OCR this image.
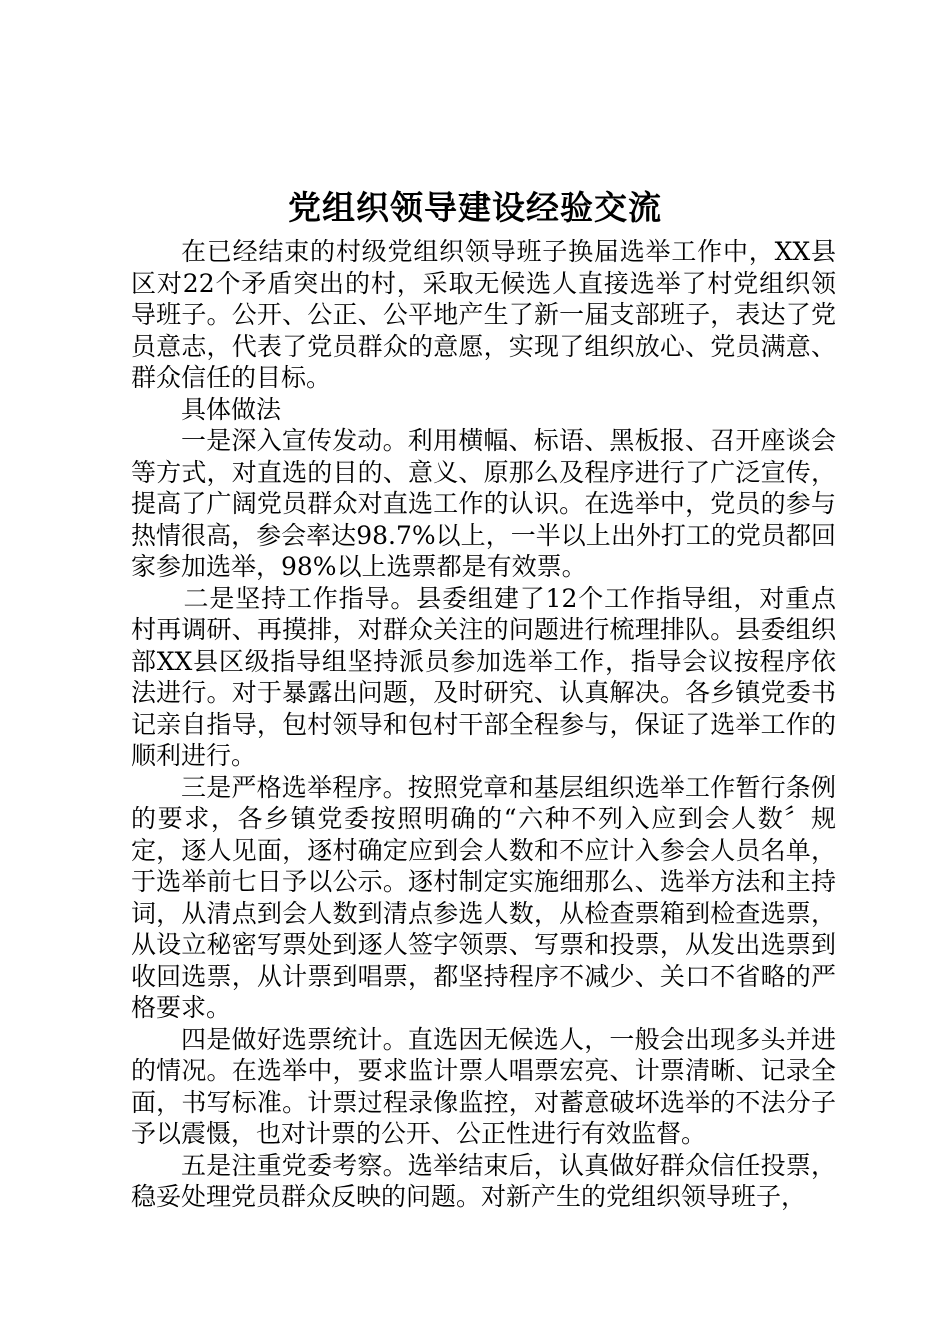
党组织领导建设经验交流

在已经结束的村级党组织领导班子换届选举工作中，XX县区对22个矛盾突出的村，采取无候选人直接选举了村党组织领导班子。公开、公正、公平地产生了新一届支部班子，表达了党员意志，代表了党员群众的意愿，实现了组织放心、党员满意、群众信任的目标。

具体做法

一是深入宣传发动。利用横幅、标语、黑板报、召开座谈会等方式，对直选的目的、意义、原那么及程序进行了广泛宣传，提高了广阔党员群众对直选工作的认识。在选举中，党员的参与热情很高，参会率达98.7%以上，一半以上出外打工的党员都回家参加选举，98%以上选票都是有效票。

二是坚持工作指导。县委组建了12个工作指导组，对重点村再调研、再摸排，对群众关注的问题进行梳理排队。县委组织部XX县区级指导组坚持派员参加选举工作，指导会议按程序依法进行。对于暴露出问题，及时研究、认真解决。各乡镇党委书记亲自指导，包村领导和包村干部全程参与，保证了选举工作的顺利进行。

三是严格选举程序。按照党章和基层组织选举工作暂行条例的要求，各乡镇党委按照明确的“六种不列入应到会人数〞规定，逐人见面，逐村确定应到会人数和不应计入参会人员名单，于选举前七日予以公示。逐村制定实施细那么、选举方法和主持词，从清点到会人数到清点参选人数，从检查票箱到检查选票，从设立秘密写票处到逐人签字领票、写票和投票，从发出选票到收回选票，从计票到唱票，都坚持程序不减少、关口不省略的严格要求。

四是做好选票统计。直选因无候选人，一般会出现多头并进的情况。在选举中，要求监计票人唱票宏亮、计票清晰、记录全面，书写标准。计票过程录像监控，对蓄意破坏选举的不法分子予以震慑，也对计票的公开、公正性进行有效监督。

五是注重党委考察。选举结束后，认真做好群众信任投票，稳妥处理党员群众反映的问题。对新产生的党组织领导班子，
